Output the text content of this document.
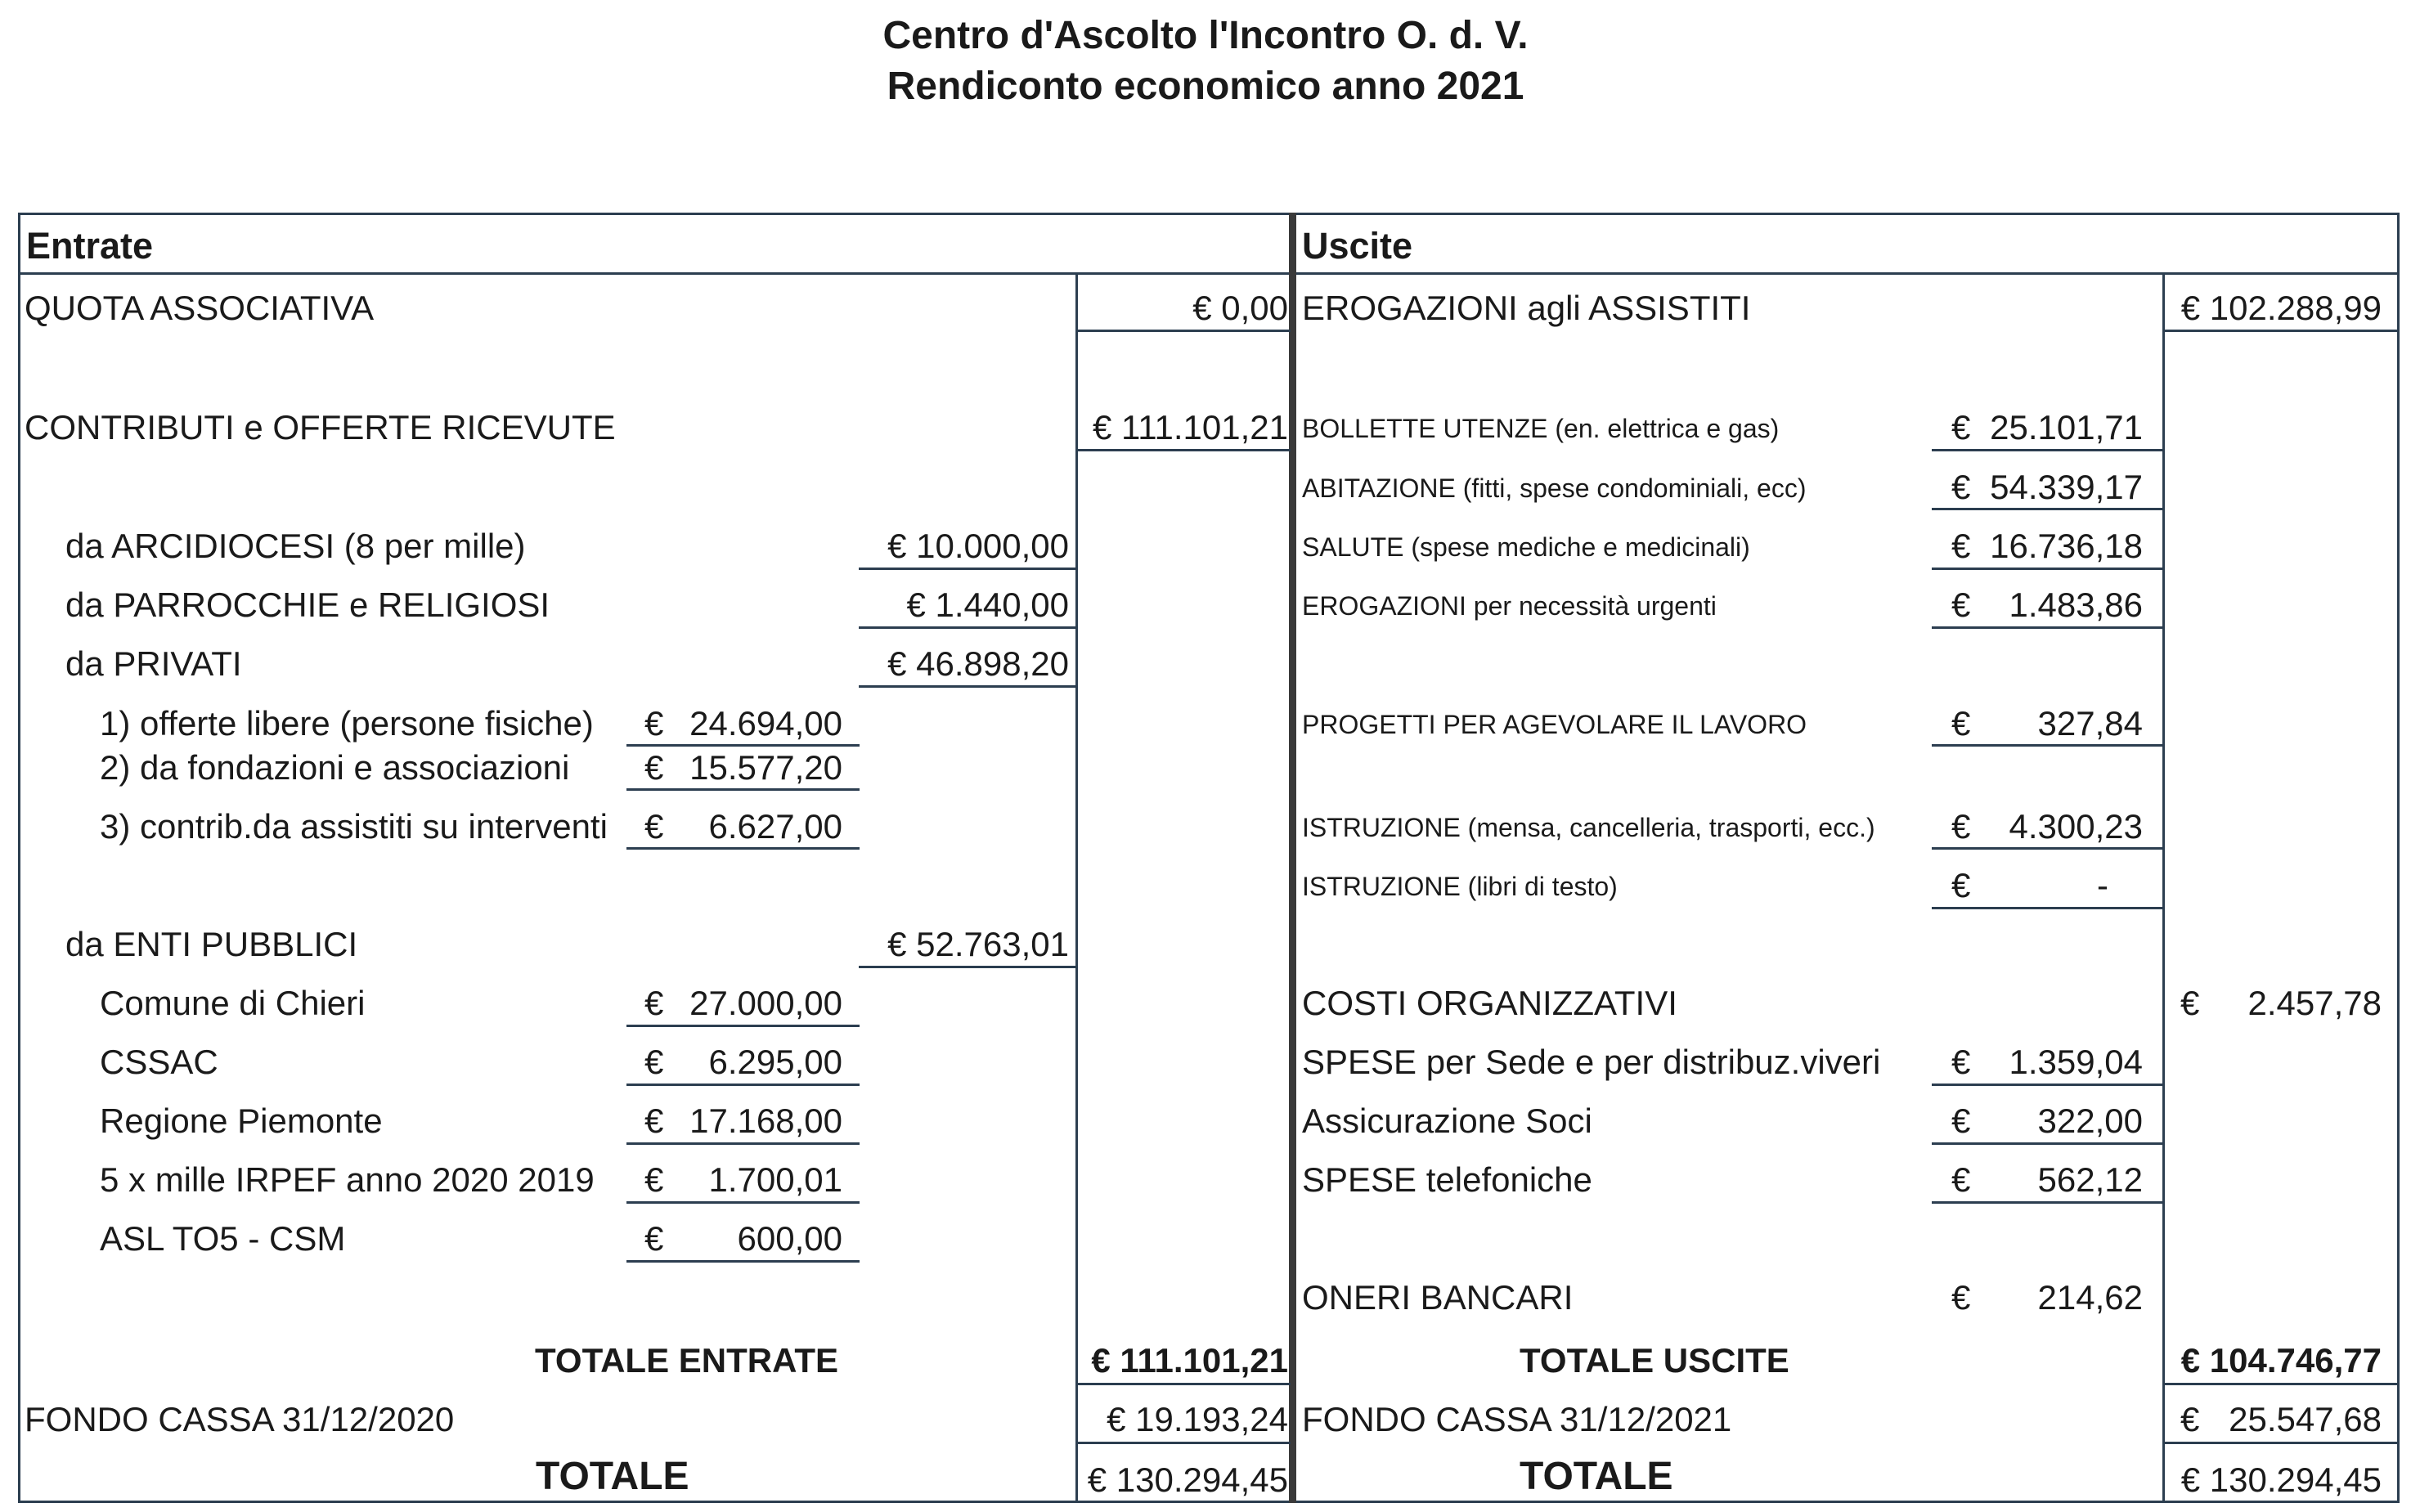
Centro d'Ascolto l'Incontro O. d. V.
Rendiconto economico anno 2021
Entrate
QUOTA ASSOCIATIVA	€ 0,00
CONTRIBUTI e OFFERTE RICEVUTE	€ 111.101,21
da ARCIDIOCESI (8 per mille)	€ 10.000,00
da PARROCCHIE e RELIGIOSI	€ 1.440,00
da PRIVATI	€ 46.898,20
1) offerte libere (persone fisiche) € 24.694,00
2) da fondazioni e associazioni € 15.577,20
3) contrib.da assistiti su interventi €	6.627,00
da ENTI PUBBLICI	€ 52.763,01
Comune di Chieri	€ 27.000,00
CSSAC	€	6.295,00
Regione Piemonte	€ 17.168,00
5 x mille IRPEF anno 2020 2019 €	1.700,01
ASL TO5 - CSM	€	600,00
TOTALE ENTRATE	€ 111.101,21
FONDO CASSA 31/12/2020	€ 19.193,24
TOTALE	€ 130.294,45
Uscite
EROGAZIONI agli ASSISTITI	€ 102.288,99
BOLLETTE UTENZE (en. elettrica e gas)	€ 25.101,71
ABITAZIONE (fitti, spese condominiali, ecc)	€ 54.339,17
SALUTE (spese mediche e medicinali)	€ 16.736,18
EROGAZIONI per necessità urgenti	€	1.483,86
PROGETTI PER AGEVOLARE IL LAVORO	€	327,84
ISTRUZIONE (mensa, cancelleria, trasporti, ecc.) €	4.300,23
ISTRUZIONE (libri di testo)	€	-
COSTI ORGANIZZATIVI	€	2.457,78
SPESE per Sede e per distribuz.viveri €	1.359,04
Assicurazione Soci	€	322,00
SPESE telefoniche	€	562,12
ONERI BANCARI	€	214,62
TOTALE USCITE	€ 104.746,77
FONDO CASSA 31/12/2021	€ 25.547,68
TOTALE	€ 130.294,45
